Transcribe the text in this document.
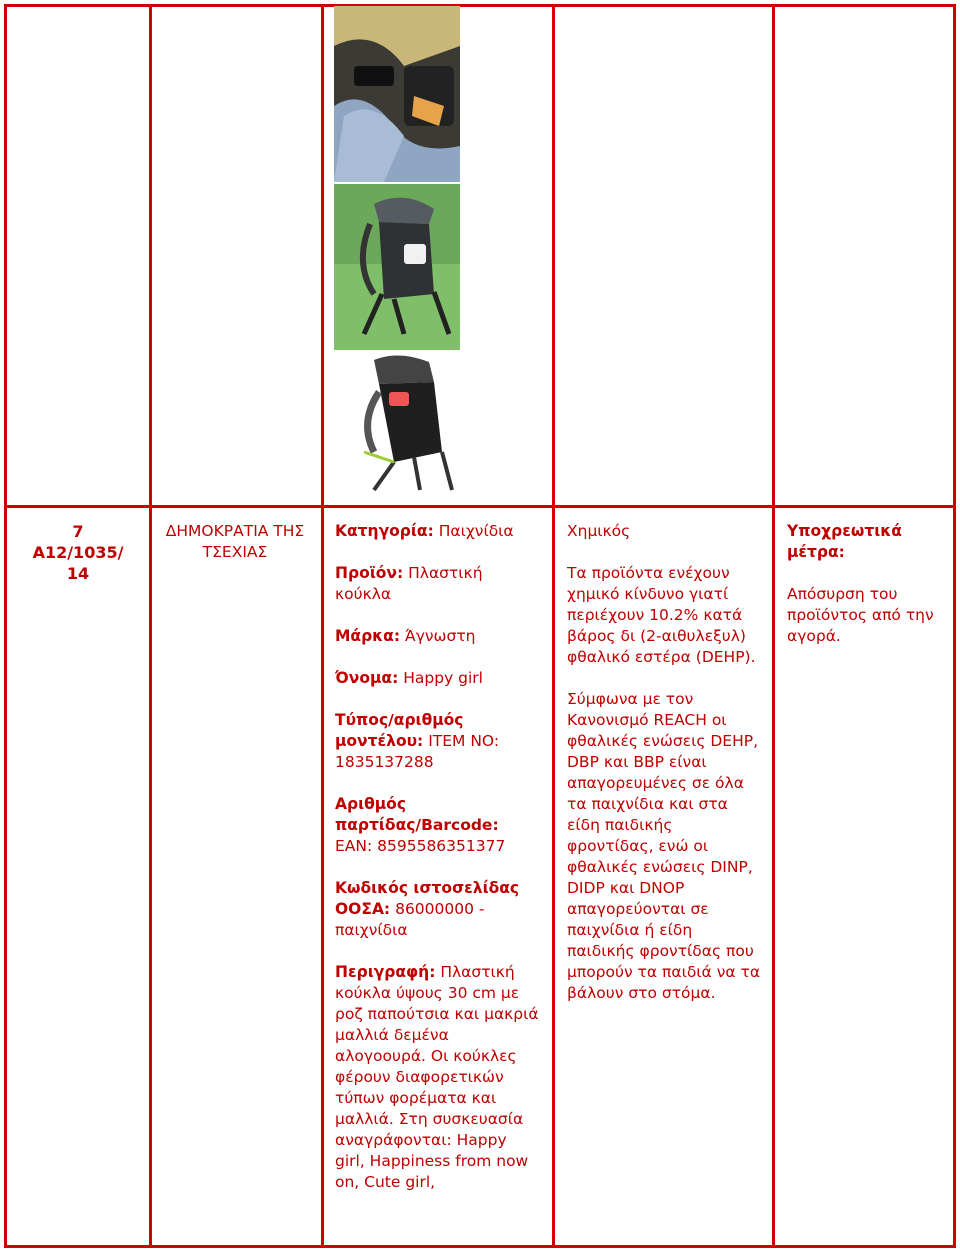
7
A12/1035/
14
ΔΗΜΟΚΡΑΤΙΑ ΤΗΣ ΤΣΕΧΙΑΣ
Κατηγορία: Παιχνίδια
Προϊόν: Πλαστική κούκλα
Μάρκα: Άγνωστη
Όνομα: Happy girl
Τύπος/αριθμός μοντέλου: ITEM NO: 1835137288
Αριθμός παρτίδας/Barcode: EAN: 8595586351377
Κωδικός ιστοσελίδας ΟΟΣΑ: 86000000 - παιχνίδια
Περιγραφή: Πλαστική κούκλα ύψους 30 cm με ροζ παπούτσια και μακριά μαλλιά δεμένα αλογοουρά. Οι κούκλες φέρουν διαφορετικών τύπων φορέματα και μαλλιά. Στη συσκευασία αναγράφονται: Happy girl, Happiness from now on, Cute girl,
Χημικός
Τα προϊόντα ενέχουν χημικό κίνδυνο γιατί περιέχουν 10.2% κατά βάρος δι (2-αιθυλεξυλ) φθαλικό εστέρα (DEHP).
Σύμφωνα με τον Κανονισμό REACH οι φθαλικές ενώσεις DEHP, DBP και BBP είναι απαγορευμένες σε όλα τα παιχνίδια και στα είδη παιδικής φροντίδας, ενώ οι φθαλικές ενώσεις DINP, DIDP και DNOP απαγορεύονται σε παιχνίδια ή είδη παιδικής φροντίδας που μπορούν τα παιδιά να τα βάλουν στο στόμα.
Υποχρεωτικά μέτρα:
Απόσυρση του προϊόντος από την αγορά.
